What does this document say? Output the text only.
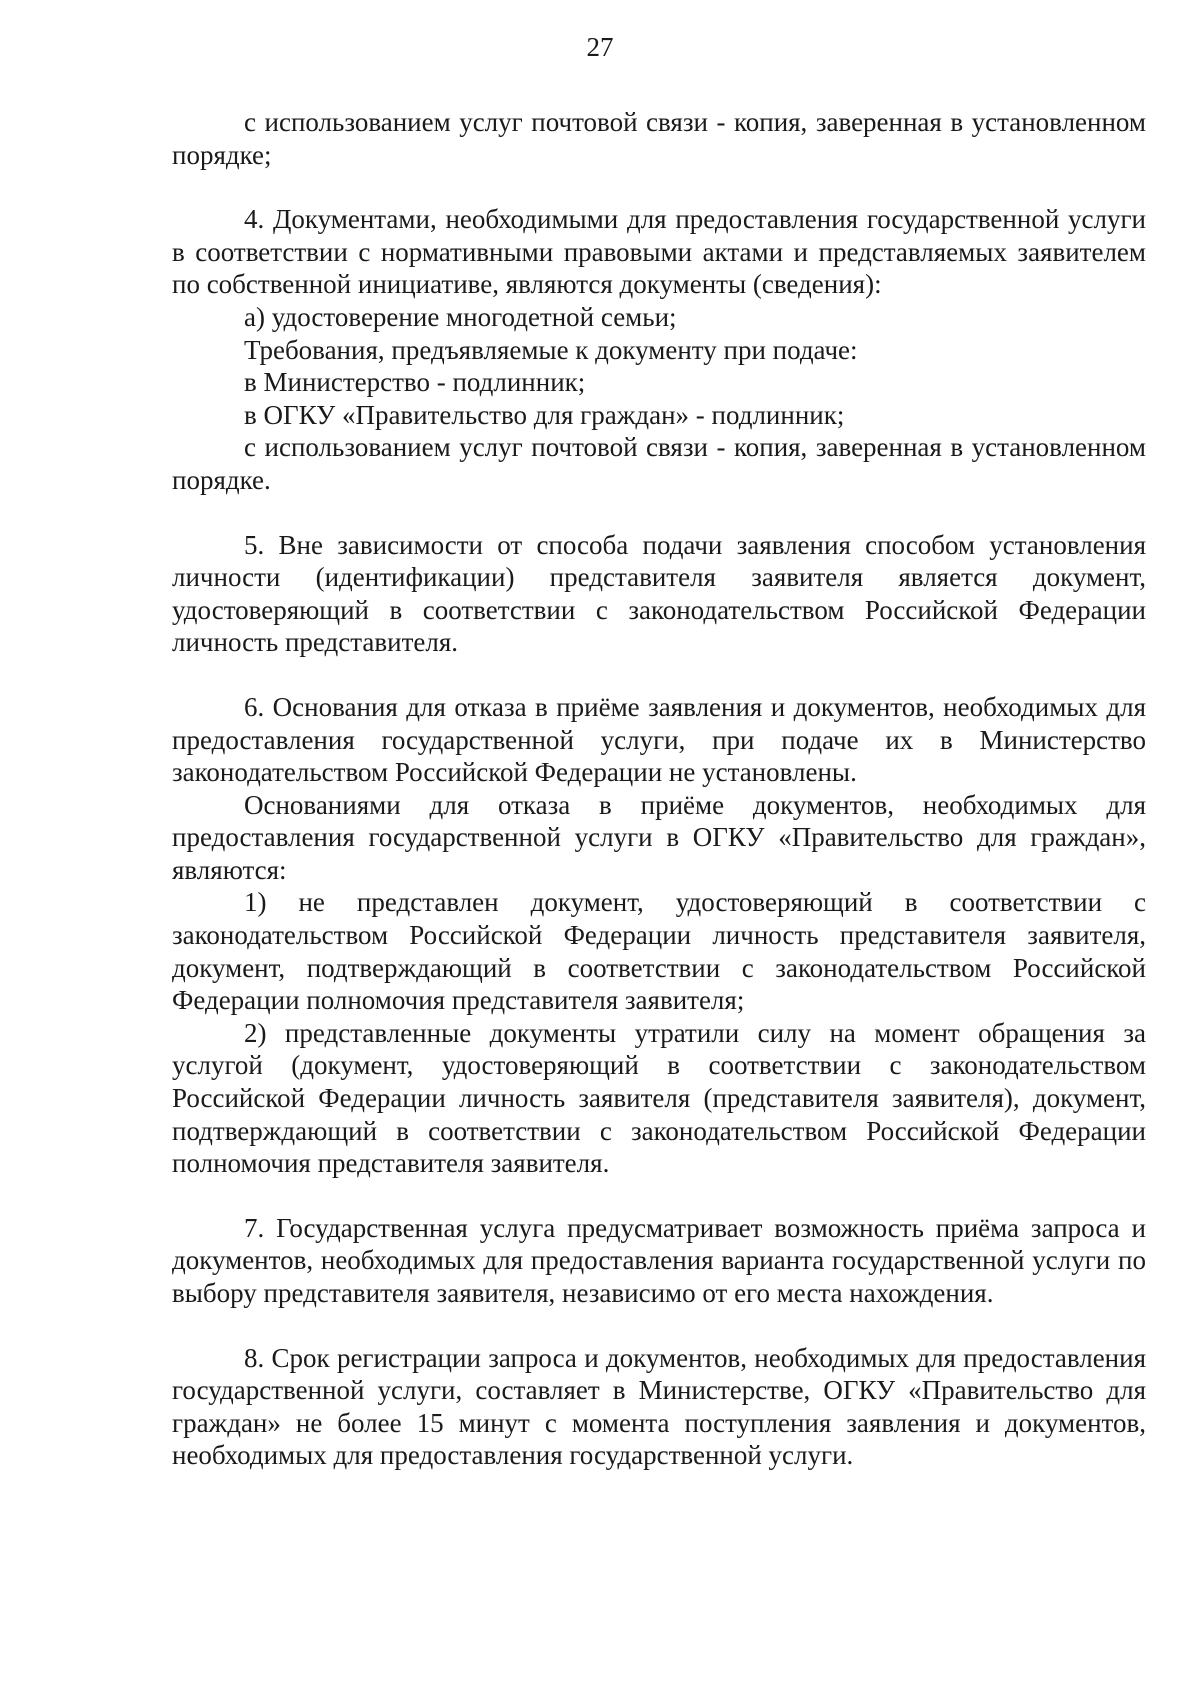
27

с использованием услуг почтовой связи - копия, заверенная в установленном порядке;

4. Документами, необходимыми для предоставления государственной услуги в соответствии с нормативными правовыми актами и представляемых заявителем по собственной инициативе, являются документы (сведения):

а) удостоверение многодетной семьи;

Требования, предъявляемые к документу при подаче:

в Министерство - подлинник;

в ОГКУ «Правительство для граждан» - подлинник;

с использованием услуг почтовой связи - копия, заверенная в установленном порядке.

5. Вне зависимости от способа подачи заявления способом установления личности (идентификации) представителя заявителя является документ, удостоверяющий в соответствии с законодательством Российской Федерации личность представителя.

6. Основания для отказа в приёме заявления и документов, необходимых для предоставления государственной услуги, при подаче их в Министерство законодательством Российской Федерации не установлены.

Основаниями для отказа в приёме документов, необходимых для предоставления государственной услуги в ОГКУ «Правительство для граждан», являются:

1) не представлен документ, удостоверяющий в соответствии с законодательством Российской Федерации личность представителя заявителя, документ, подтверждающий в соответствии с законодательством Российской Федерации полномочия представителя заявителя;

2) представленные документы утратили силу на момент обращения за услугой (документ, удостоверяющий в соответствии с законодательством Российской Федерации личность заявителя (представителя заявителя), документ, подтверждающий в соответствии с законодательством Российской Федерации полномочия представителя заявителя.

7. Государственная услуга предусматривает возможность приёма запроса и документов, необходимых для предоставления варианта государственной услуги по выбору представителя заявителя, независимо от его места нахождения.

8. Срок регистрации запроса и документов, необходимых для предоставления государственной услуги, составляет в Министерстве, ОГКУ «Правительство для граждан» не более 15 минут с момента поступления заявления и документов, необходимых для предоставления государственной услуги.
